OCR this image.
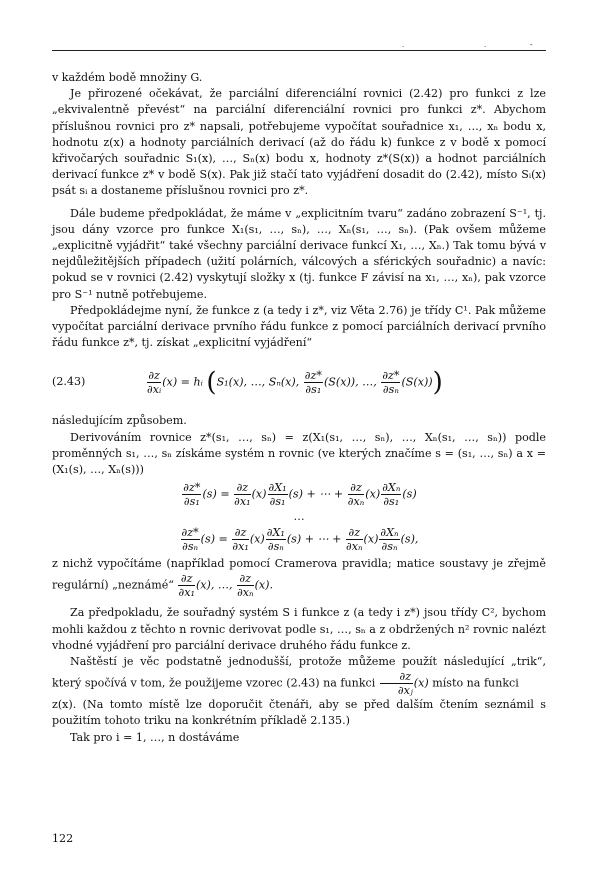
.	.	-

v každém bodě množiny G.

Je přirozené očekávat, že parciální diferenciální rovnici (2.42) pro funkci z lze „ekvivalentně převést“ na parciální diferenciální rovnici pro funkci z*. Abychom příslušnou rovnici pro z* napsali, potřebujeme vypočítat souřadnice x₁, …, xₙ bodu x, hodnotu z(x) a hodnoty parciálních derivací (až do řádu k) funkce z v bodě x pomocí křivočarých souřadnic S₁(x), …, Sₙ(x) bodu x, hodnoty z*(S(x)) a hodnot parciálních derivací funkce z* v bodě S(x). Pak již stačí tato vyjádření dosadit do (2.42), místo Sᵢ(x) psát sᵢ a dostaneme příslušnou rovnici pro z*.

Dále budeme předpokládat, že máme v „explicitním tvaru“ zadáno zobrazení S⁻¹, tj. jsou dány vzorce pro funkce X₁(s₁, …, sₙ), …, Xₙ(s₁, …, sₙ). (Pak ovšem můžeme „explicitně vyjádřit“ také všechny parciální derivace funkcí X₁, …, Xₙ.) Tak tomu bývá v nejdůležitějších případech (užití polárních, válcových a sférických souřadnic) a navíc: pokud se v rovnici (2.42) vyskytují složky x (tj. funkce F závisí na x₁, …, xₙ), pak vzorce pro S⁻¹ nutně potřebujeme.

Předpokládejme nyní, že funkce z (a tedy i z*, viz Věta 2.76) je třídy C¹. Pak můžeme vypočítat parciální derivace prvního řádu funkce z pomocí parciálních derivací prvního řádu funkce z*, tj. získat „explicitní vyjádření“

(2.43)	$\frac{\partial z}{\text{∂xᵢ}} (x)$ = hᵢ (S₁(x), …, Sₙ(x), $\frac{\partial z*}{\text{∂s₁}} (S(x))$, …, $\frac{\partial z*}{\text{∂sₙ}} (S(x))$)

následujícím způsobem.

Derivováním rovnice z*(s₁, …, sₙ) = z(X₁(s₁, …, sₙ), …, Xₙ(s₁, …, sₙ)) podle proměnných s₁, …, sₙ získáme systém n rovnic (ve kterých značíme s = (s₁, …, sₙ) a x = (X₁(s), …, Xₙ(s)))

$\frac{\partial z*}{\text{∂s₁}} (s) = \frac{\partial z}{\text{∂x₁}} (x) \frac{\text{∂X₁}}{\text{∂s₁}} (s)$ + ⋯ + $\frac{\partial z}{\text{∂xₙ}} (x) \frac{\text{∂Xₙ}}{\text{∂s₁}} (s)$

…

$\frac{\partial z*}{\text{∂sₙ}} (s) = \frac{\partial z}{\text{∂x₁}} (x) \frac{\text{∂X₁}}{\text{∂sₙ}} (s)$ + ⋯ + $\frac{\partial z}{\text{∂xₙ}} (x) \frac{\text{∂Xₙ}}{\text{∂sₙ}} (s)$,

z nichž vypočítáme (například pomocí Cramerova pravidla; matice soustavy je zřejmě regulární) „neznámé“ $\frac{\partial z}{\text{∂x₁}} (x)$, …, $\frac{\partial z}{\text{∂xₙ}} (x)$.

Za předpokladu, že souřadný systém S i funkce z (a tedy i z*) jsou třídy C², bychom mohli každou z těchto n rovnic derivovat podle s₁, …, sₙ a z obdržených n² rovnic nalézt vhodné vyjádření pro parciální derivace druhého řádu funkce z.

Naštěstí je věc podstatně jednodušší, protože můžeme použít následující „trik“, který spočívá v tom, že použijeme vzorec (2.43) na funkci $\frac{\partial z}{\text{∂xⱼ}} (x)$ místo na funkci

z(x). (Na tomto místě lze doporučit čtenáři, aby se před dalším čtením seznámil s použitím tohoto triku na konkrétním příkladě 2.135.)

Tak pro i = 1, …, n dostáváme

122
